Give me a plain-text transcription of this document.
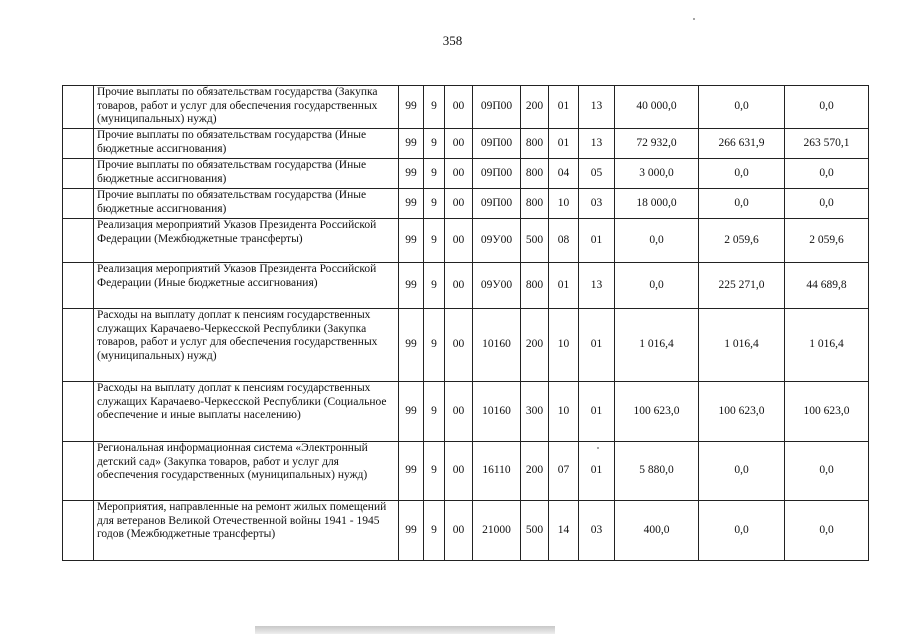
358
	Прочие выплаты по обязательствам государства (Закупка товаров, работ и услуг для обеспечения государственных (муниципальных) нужд)	99	9	00	09П00	200	01	13	40 000,0	0,0	0,0
	Прочие выплаты по обязательствам государства (Иные бюджетные ассигнования)	99	9	00	09П00	800	01	13	72 932,0	266 631,9	263 570,1
	Прочие выплаты по обязательствам государства (Иные бюджетные ассигнования)	99	9	00	09П00	800	04	05	3 000,0	0,0	0,0
	Прочие выплаты по обязательствам государства (Иные бюджетные ассигнования)	99	9	00	09П00	800	10	03	18 000,0	0,0	0,0
	Реализация мероприятий Указов Президента Российской Федерации (Межбюджетные трансферты)	99	9	00	09У00	500	08	01	0,0	2 059,6	2 059,6
	Реализация мероприятий Указов Президента Российской Федерации (Иные бюджетные ассигнования)	99	9	00	09У00	800	01	13	0,0	225 271,0	44 689,8
	Расходы на выплату доплат к пенсиям государственных служащих Карачаево-Черкесской Республики (Закупка товаров, работ и услуг для обеспечения государственных (муниципальных) нужд)	99	9	00	10160	200	10	01	1 016,4	1 016,4	1 016,4
	Расходы на выплату доплат к пенсиям государственных служащих Карачаево-Черкесской Республики (Социальное обеспечение и иные выплаты населению)	99	9	00	10160	300	10	01	100 623,0	100 623,0	100 623,0
	Региональная информационная система «Электронный детский сад» (Закупка товаров, работ и услуг для обеспечения государственных (муниципальных) нужд)	99	9	00	16110	200	07	01	5 880,0	0,0	0,0
	Мероприятия, направленные на ремонт жилых помещений для ветеранов Великой Отечественной войны 1941 - 1945 годов (Межбюджетные трансферты)	99	9	00	21000	500	14	03	400,0	0,0	0,0
